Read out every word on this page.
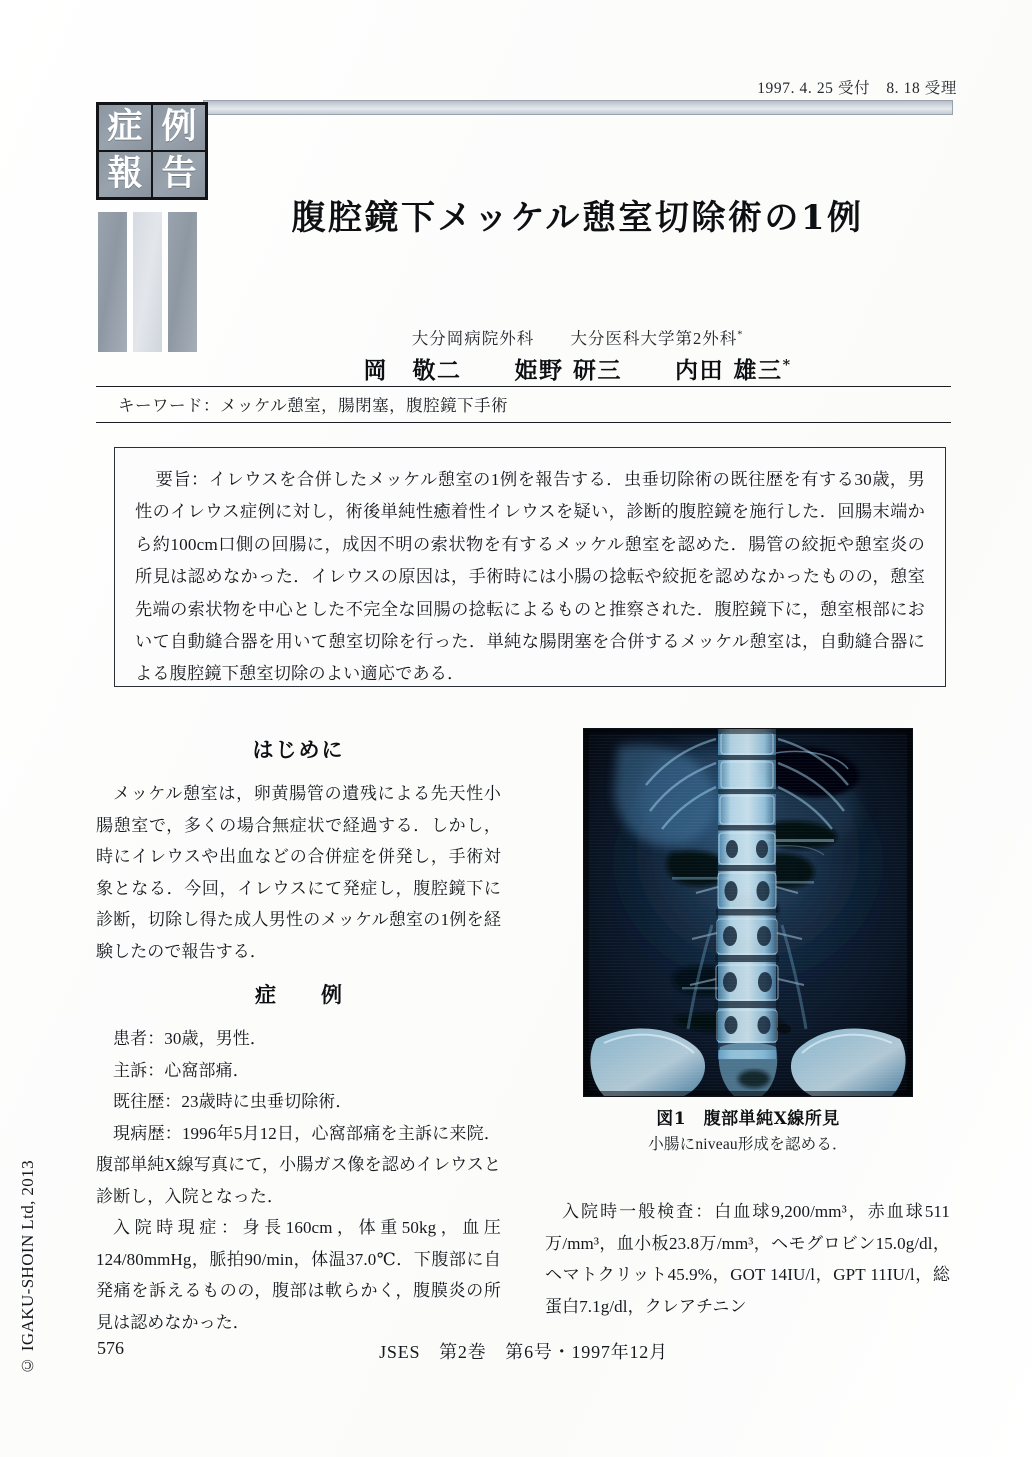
1997. 4. 25 受付　8. 18 受理
症 例
報 告
腹腔鏡下メッケル憩室切除術の1例
大分岡病院外科 大分医科大学第2外科*
岡　敬二 姫野 研三 内田 雄三*
キーワード：メッケル憩室，腸閉塞，腹腔鏡下手術
要旨：イレウスを合併したメッケル憩室の1例を報告する．虫垂切除術の既往歴を有する30歳，男性のイレウス症例に対し，術後単純性癒着性イレウスを疑い，診断的腹腔鏡を施行した．回腸末端から約100cm口側の回腸に，成因不明の索状物を有するメッケル憩室を認めた．腸管の絞扼や憩室炎の所見は認めなかった．イレウスの原因は，手術時には小腸の捻転や絞扼を認めなかったものの，憩室先端の索状物を中心とした不完全な回腸の捻転によるものと推察された．腹腔鏡下に，憩室根部において自動縫合器を用いて憩室切除を行った．単純な腸閉塞を合併するメッケル憩室は，自動縫合器による腹腔鏡下憩室切除のよい適応である．
はじめに

メッケル憩室は，卵黄腸管の遺残による先天性小腸憩室で，多くの場合無症状で経過する．しかし，時にイレウスや出血などの合併症を併発し，手術対象となる．今回，イレウスにて発症し，腹腔鏡下に診断，切除し得た成人男性のメッケル憩室の1例を経験したので報告する．

症　例

患者：30歳，男性．

主訴：心窩部痛．

既往歴：23歳時に虫垂切除術．

現病歴：1996年5月12日，心窩部痛を主訴に来院．腹部単純X線写真にて，小腸ガス像を認めイレウスと診断し，入院となった．

入院時現症：身長160cm，体重50kg，血圧124/80mmHg，脈拍90/min，体温37.0℃．下腹部に自発痛を訴えるものの，腹部は軟らかく，腹膜炎の所見は認めなかった．

入院時一般検査：白血球9,200/mm³，赤血球511万/mm³，血小板23.8万/mm³，ヘモグロビン15.0g/dl，ヘマトクリット45.9%，GOT 14IU/l，GPT 11IU/l，総蛋白7.1g/dl，クレアチニン

図1　腹部単純X線所見
小腸にniveau形成を認める．
JSES　第2巻　第6号・1997年12月
576
© IGAKU-SHOIN Ltd, 2013
